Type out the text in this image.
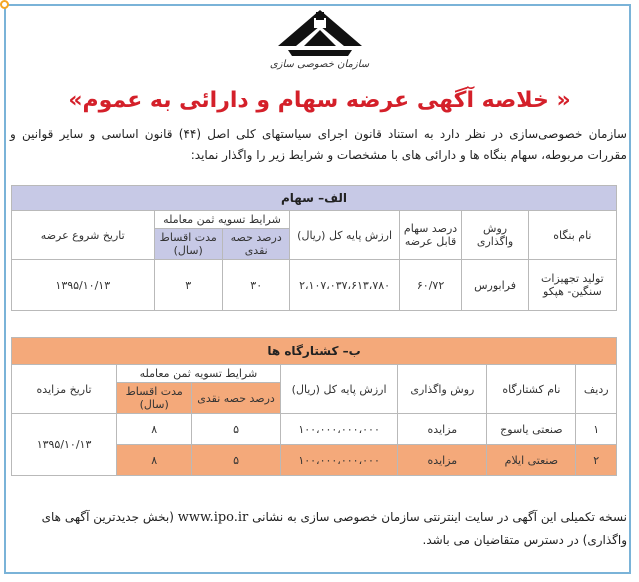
سازمان خصوصی سازی
« خلاصه آگهی عرضه سهام و دارائی به عموم»
سازمان خصوصی‌سازی در نظر دارد به استناد قانون اجرای سیاستهای کلی اصل (۴۴) قانون اساسی و سایر قوانین و مقررات مربوطه، سهام بنگاه ها و دارائی های با مشخصات و شرایط زیر را واگذار نماید:
الف– سهام						
نام بنگاه	روش واگذاری	درصد سهام قابل عرضه	ارزش پایه کل (ریال)	شرایط تسویه ثمن معامله		تاریخ شروع عرضه
				درصد حصه نقدی	مدت اقساط (سال)	
تولید تجهیزات سنگین- هپکو	فرابورس	۶۰/۷۲	۲،۱۰۷،۰۳۷،۶۱۳،۷۸۰	۳۰	۳	۱۳۹۵/۱۰/۱۳
ب– کشتارگاه ها						
ردیف	نام کشتارگاه	روش واگذاری	ارزش پایه کل (ریال)	شرایط تسویه ثمن معامله		تاریخ مزایده
				درصد حصه نقدی	مدت اقساط (سال)	
۱	صنعتی یاسوج	مزایده	۱۰۰،۰۰۰،۰۰۰،۰۰۰	۵	۸	۱۳۹۵/۱۰/۱۳
۲	صنعتی ایلام	مزایده	۱۰۰،۰۰۰،۰۰۰،۰۰۰	۵	۸	
نسخه تکمیلی این آگهی در سایت اینترنتی سازمان خصوصی سازی به نشانی www.ipo.ir (بخش جدیدترین آگهی های واگذاری) در دسترس متقاضیان می باشد.
